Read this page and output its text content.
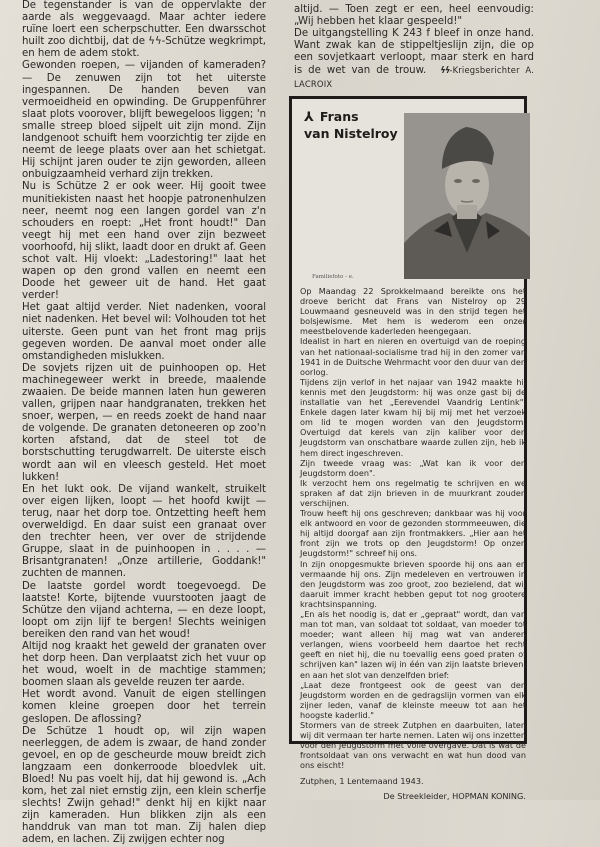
De tegenstander is van de oppervlakte der aarde als weggevaagd. Maar achter iedere ruïne loert een scherpschutter. Een dwarsschot huilt zoo dichtbij, dat de ϟϟ-Schütze wegkrimpt, en hem de adem stokt.

Gewonden roepen, — vijanden of kameraden? — De zenuwen zijn tot het uiterste ingespannen. De handen beven van vermoeidheid en opwinding. De Gruppenführer slaat plots voorover, blijft bewegeloos liggen; 'n smalle streep bloed sijpelt uit zijn mond. Zijn landgenoot schuift hem voorzichtig ter zijde en neemt de leege plaats over aan het schietgat. Hij schijnt jaren ouder te zijn geworden, alleen onbuigzaamheid verhard zijn trekken.

Nu is Schütze 2 er ook weer. Hij gooit twee munitiekisten naast het hoopje patronenhulzen neer, neemt nog een langen gordel van z'n schouders en roept: „Het front houdt!" Dan veegt hij met een hand over zijn bezweet voorhoofd, hij slikt, laadt door en drukt af. Geen schot valt. Hij vloekt: „Ladestoring!" laat het wapen op den grond vallen en neemt een Doode het geweer uit de hand. Het gaat verder!

Het gaat altijd verder. Niet nadenken, vooral niet nadenken. Het bevel wil: Volhouden tot het uiterste. Geen punt van het front mag prijs gegeven worden. De aanval moet onder alle omstandigheden mislukken.

De sovjets rijzen uit de puinhoopen op. Het machinegeweer werkt in breede, maalende zwaaien. De beide mannen laten hun geweren vallen, grijpen naar handgranaten, trekken het snoer, werpen, — en reeds zoekt de hand naar de volgende. De granaten detoneeren op zoo'n korten afstand, dat de steel tot de borstschutting terugdwarrelt. De uiterste eisch wordt aan wil en vleesch gesteld. Het moet lukken!

En het lukt ook. De vijand wankelt, struikelt over eigen lijken, loopt — het hoofd kwijt — terug, naar het dorp toe. Ontzetting heeft hem overweldigd. En daar suist een granaat over den trechter heen, ver over de strijdende Gruppe, slaat in de puinhoopen in . . . . — Brisantgranaten! „Onze artillerie, Goddank!" zuchten de mannen.

De laatste gordel wordt toegevoegd. De laatste! Korte, bijtende vuurstooten jaagt de Schütze den vijand achterna, — en deze loopt, loopt om zijn lijf te bergen! Slechts weinigen bereiken den rand van het woud!

Altijd nog kraakt het geweld der granaten over het dorp heen. Dan verplaatst zich het vuur op het woud, woelt in de machtige stammen; boomen slaan als gevelde reuzen ter aarde.

Het wordt avond. Vanuit de eigen stellingen komen kleine groepen door het terrein geslopen. De aflossing?

De Schütze 1 houdt op, wil zijn wapen neerleggen, de adem is zwaar, de hand zonder gevoel, en op de gescheurde mouw breidt zich langzaam een donkerroode bloedvlek uit. Bloed! Nu pas voelt hij, dat hij gewond is. „Ach kom, het zal niet ernstig zijn, een klein scherfje slechts! Zwijn gehad!" denkt hij en kijkt naar zijn kameraden. Hun blikken zijn als een handdruk van man tot man. Zij halen diep adem, en lachen. Zij zwijgen echter nog

altijd. — Toen zegt er een, heel eenvoudig: „Wij hebben het klaar gespeeld!"

De uitgangstelling K 243 f bleef in onze hand. Want zwak kan de stippeltjeslijn zijn, die op een sovjetkaart verloopt, maar sterk en hard is de wet van de trouw. ϟϟ-Kriegsberichter A. LACROIX

⅄ Frans
van Nistelroy
Familiefoto - e.

Op Maandag 22 Sprokkelmaand bereikte ons het droeve bericht dat Frans van Nistelroy op 29 Louwmaand gesneuveld was in den strijd tegen het bolsjewisme. Met hem is wederom een onzer meestbelovende kaderleden heengegaan.

Idealist in hart en nieren en overtuigd van de roeping van het nationaal-socialisme trad hij in den zomer van 1941 in de Duitsche Wehrmacht voor den duur van den oorlog.

Tijdens zijn verlof in het najaar van 1942 maakte hij kennis met den Jeugdstorm: hij was onze gast bij de installatie van het „Eerevendel Vaandrig Lentink". Enkele dagen later kwam hij bij mij met het verzoek om lid te mogen worden van den Jeugdstorm. Overtuigd dat kerels van zijn kaliber voor den Jeugdstorm van onschatbare waarde zullen zijn, heb ik hem direct ingeschreven.

Zijn tweede vraag was: „Wat kan ik voor den Jeugdstorm doen".

Ik verzocht hem ons regelmatig te schrijven en we spraken af dat zijn brieven in de muurkrant zouden verschijnen.

Trouw heeft hij ons geschreven; dankbaar was hij voor elk antwoord en voor de gezonden stormmeeuwen, die hij altijd doorgaf aan zijn frontmakkers. „Hier aan het front zijn we trots op den Jeugdstorm! Op onzen Jeugdstorm!" schreef hij ons.

In zijn onopgesmukte brieven spoorde hij ons aan en vermaande hij ons. Zijn medeleven en vertrouwen in den Jeugdstorm was zoo groot, zoo bezielend, dat wij daaruit immer kracht hebben geput tot nog grootere krachtsinspanning.

„En als het noodig is, dat er „gepraat" wordt, dan van man tot man, van soldaat tot soldaat, van moeder tot moeder; want alleen hij mag wat van anderen verlangen, wiens voorbeeld hem daartoe het recht geeft en niet hij, die nu toevallig eens goed praten of schrijven kan" lazen wij in één van zijn laatste brieven, en aan het slot van denzelfden brief:

„Laat deze frontgeest ook de geest van den Jeugdstorm worden en de gedragslijn vormen van elk zijner leden, vanaf de kleinste meeuw tot aan het hoogste kaderlid."

Stormers van de streek Zutphen en daarbuiten, laten wij dit vermaan ter harte nemen. Laten wij ons inzetten voor den Jeugdstorm met volle overgave. Dat is wat de frontsoldaat van ons verwacht en wat hun dood van ons eischt!

Zutphen, 1 Lentemaand 1943.

De Streekleider, HOPMAN KONING.
